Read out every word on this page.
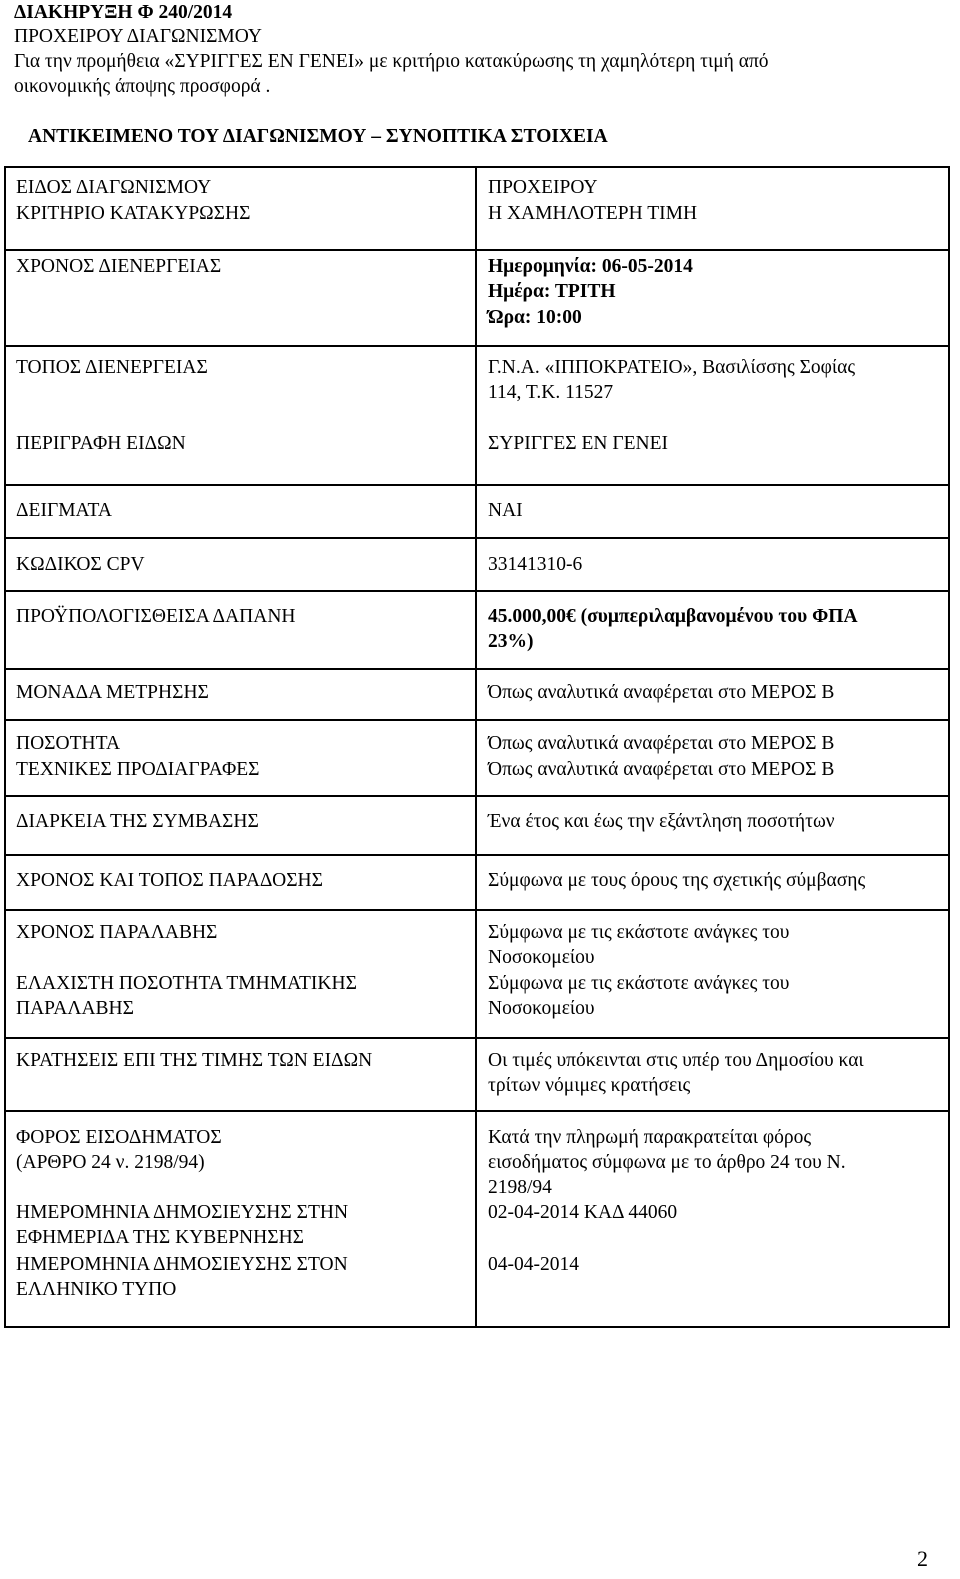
ΔΙΑΚΗΡΥΞΗ Φ 240/2014
ΠΡΟΧΕΙΡΟΥ ΔΙΑΓΩΝΙΣΜΟΥ
Για την προμήθεια «ΣΥΡΙΓΓΕΣ ΕΝ ΓΕΝΕΙ» με κριτήριο κατακύρωσης τη χαμηλότερη τιμή από
οικονομικής άποψης προσφορά .
ΑΝΤΙΚΕΙΜΕΝΟ ΤΟΥ ΔΙΑΓΩΝΙΣΜΟΥ – ΣΥΝΟΠΤΙΚΑ ΣΤΟΙΧΕΙΑ
ΕΙΔΟΣ ΔΙΑΓΩΝΙΣΜΟΥ
ΚΡΙΤΗΡΙΟ ΚΑΤΑΚΥΡΩΣΗΣ
ΧΡΟΝΟΣ ΔΙΕΝΕΡΓΕΙΑΣ
ΤΟΠΟΣ ΔΙΕΝΕΡΓΕΙΑΣ
ΠΕΡΙΓΡΑΦΗ ΕΙΔΩΝ
ΔΕΙΓΜΑΤΑ
ΚΩΔΙΚΟΣ CPV
ΠΡΟΫΠΟΛΟΓΙΣΘΕΙΣΑ ΔΑΠΑΝΗ
ΜΟΝΑΔΑ ΜΕΤΡΗΣΗΣ
ΠΟΣΟΤΗΤΑ
ΤΕΧΝΙΚΕΣ ΠΡΟΔΙΑΓΡΑΦΕΣ
ΔΙΑΡΚΕΙΑ ΤΗΣ ΣΥΜΒΑΣΗΣ
ΧΡΟΝΟΣ ΚΑΙ ΤΟΠΟΣ ΠΑΡΑΔΟΣΗΣ
ΧΡΟΝΟΣ ΠΑΡΑΛΑΒΗΣ
ΕΛΑΧΙΣΤΗ ΠΟΣΟΤΗΤΑ ΤΜΗΜΑΤΙΚΗΣ
ΠΑΡΑΛΑΒΗΣ
ΚΡΑΤΗΣΕΙΣ ΕΠΙ ΤΗΣ ΤΙΜΗΣ ΤΩΝ ΕΙΔΩΝ
ΦΟΡΟΣ ΕΙΣΟΔΗΜΑΤΟΣ
(ΑΡΘΡΟ 24 ν. 2198/94)
ΗΜΕΡΟΜΗΝΙΑ ΔΗΜΟΣΙΕΥΣΗΣ ΣΤΗΝ
ΕΦΗΜΕΡΙΔΑ ΤΗΣ ΚΥΒΕΡΝΗΣΗΣ
ΗΜΕΡΟΜΗΝΙΑ ΔΗΜΟΣΙΕΥΣΗΣ ΣΤΟΝ
ΕΛΛΗΝΙΚΟ ΤΥΠΟ
ΠΡΟΧΕΙΡΟΥ
Η ΧΑΜΗΛΟΤΕΡΗ ΤΙΜΗ
Ημερομηνία: 06-05-2014
Ημέρα: ΤΡΙΤΗ
Ώρα: 10:00
Γ.Ν.Α. «ΙΠΠΟΚΡΑΤΕΙΟ», Βασιλίσσης Σοφίας
114, Τ.Κ. 11527
ΣΥΡΙΓΓΕΣ ΕΝ ΓΕΝΕΙ
ΝΑΙ
33141310-6
45.000,00€ (συμπεριλαμβανομένου του ΦΠΑ
23%)
Όπως αναλυτικά αναφέρεται στο ΜΕΡΟΣ Β
Όπως αναλυτικά αναφέρεται στο ΜΕΡΟΣ Β
Όπως αναλυτικά αναφέρεται στο ΜΕΡΟΣ Β
Ένα έτος και έως την εξάντληση ποσοτήτων
Σύμφωνα με τους όρους της σχετικής σύμβασης
Σύμφωνα με τις εκάστοτε ανάγκες του
Νοσοκομείου
Σύμφωνα με τις εκάστοτε ανάγκες του
Νοσοκομείου
Οι τιμές υπόκεινται στις υπέρ του Δημοσίου και
τρίτων νόμιμες κρατήσεις
Κατά την πληρωμή παρακρατείται φόρος
εισοδήματος σύμφωνα με το άρθρο 24 του Ν.
2198/94
02-04-2014 ΚΑΔ 44060
04-04-2014
2
